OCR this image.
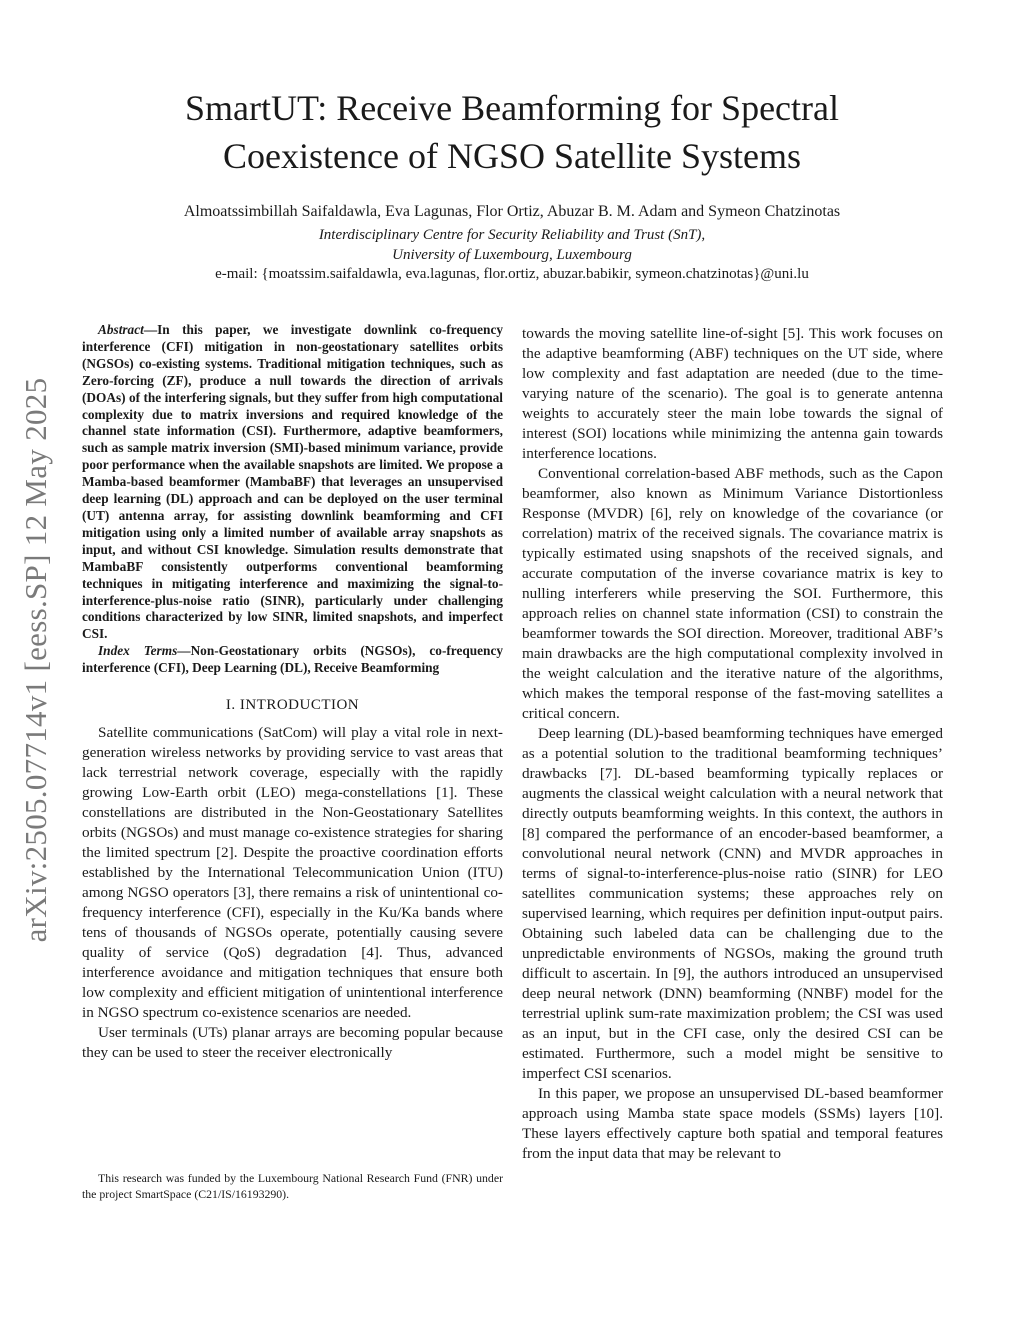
arXiv:2505.07714v1 [eess.SP] 12 May 2025
SmartUT: Receive Beamforming for Spectral
Coexistence of NGSO Satellite Systems
Almoatssimbillah Saifaldawla, Eva Lagunas, Flor Ortiz, Abuzar B. M. Adam and Symeon Chatzinotas
Interdisciplinary Centre for Security Reliability and Trust (SnT),
University of Luxembourg, Luxembourg
e-mail: {moatssim.saifaldawla, eva.lagunas, flor.ortiz, abuzar.babikir, symeon.chatzinotas}@uni.lu

Abstract—In this paper, we investigate downlink co-frequency interference (CFI) mitigation in non-geostationary satellites orbits (NGSOs) co-existing systems. Traditional mitigation techniques, such as Zero-forcing (ZF), produce a null towards the direction of arrivals (DOAs) of the interfering signals, but they suffer from high computational complexity due to matrix inversions and required knowledge of the channel state information (CSI). Furthermore, adaptive beamformers, such as sample matrix inversion (SMI)-based minimum variance, provide poor performance when the available snapshots are limited. We propose a Mamba-based beamformer (MambaBF) that leverages an unsupervised deep learning (DL) approach and can be deployed on the user terminal (UT) antenna array, for assisting downlink beamforming and CFI mitigation using only a limited number of available array snapshots as input, and without CSI knowledge. Simulation results demonstrate that MambaBF consistently outperforms conventional beamforming techniques in mitigating interference and maximizing the signal-to-interference-plus-noise ratio (SINR), particularly under challenging conditions characterized by low SINR, limited snapshots, and imperfect CSI.

Index Terms—Non-Geostationary orbits (NGSOs), co-frequency interference (CFI), Deep Learning (DL), Receive Beamforming

I. INTRODUCTION

Satellite communications (SatCom) will play a vital role in next-generation wireless networks by providing service to vast areas that lack terrestrial network coverage, especially with the rapidly growing Low-Earth orbit (LEO) mega-constellations [1]. These constellations are distributed in the Non-Geostationary Satellites orbits (NGSOs) and must manage co-existence strategies for sharing the limited spectrum [2]. Despite the proactive coordination efforts established by the International Telecommunication Union (ITU) among NGSO operators [3], there remains a risk of unintentional co-frequency interference (CFI), especially in the Ku/Ka bands where tens of thousands of NGSOs operate, potentially causing severe quality of service (QoS) degradation [4]. Thus, advanced interference avoidance and mitigation techniques that ensure both low complexity and efficient mitigation of unintentional interference in NGSO spectrum co-existence scenarios are needed.

User terminals (UTs) planar arrays are becoming popular because they can be used to steer the receiver electronically

This research was funded by the Luxembourg National Research Fund (FNR) under the project SmartSpace (C21/IS/16193290).

towards the moving satellite line-of-sight [5]. This work focuses on the adaptive beamforming (ABF) techniques on the UT side, where low complexity and fast adaptation are needed (due to the time-varying nature of the scenario). The goal is to generate antenna weights to accurately steer the main lobe towards the signal of interest (SOI) locations while minimizing the antenna gain towards interference locations.

Conventional correlation-based ABF methods, such as the Capon beamformer, also known as Minimum Variance Distortionless Response (MVDR) [6], rely on knowledge of the covariance (or correlation) matrix of the received signals. The covariance matrix is typically estimated using snapshots of the received signals, and accurate computation of the inverse covariance matrix is key to nulling interferers while preserving the SOI. Furthermore, this approach relies on channel state information (CSI) to constrain the beamformer towards the SOI direction. Moreover, traditional ABF’s main drawbacks are the high computational complexity involved in the weight calculation and the iterative nature of the algorithms, which makes the temporal response of the fast-moving satellites a critical concern.

Deep learning (DL)-based beamforming techniques have emerged as a potential solution to the traditional beamforming techniques’ drawbacks [7]. DL-based beamforming typically replaces or augments the classical weight calculation with a neural network that directly outputs beamforming weights. In this context, the authors in [8] compared the performance of an encoder-based beamformer, a convolutional neural network (CNN) and MVDR approaches in terms of signal-to-interference-plus-noise ratio (SINR) for LEO satellites communication systems; these approaches rely on supervised learning, which requires per definition input-output pairs. Obtaining such labeled data can be challenging due to the unpredictable environments of NGSOs, making the ground truth difficult to ascertain. In [9], the authors introduced an unsupervised deep neural network (DNN) beamforming (NNBF) model for the terrestrial uplink sum-rate maximization problem; the CSI was used as an input, but in the CFI case, only the desired CSI can be estimated. Furthermore, such a model might be sensitive to imperfect CSI scenarios.

In this paper, we propose an unsupervised DL-based beamformer approach using Mamba state space models (SSMs) layers [10]. These layers effectively capture both spatial and temporal features from the input data that may be relevant to
